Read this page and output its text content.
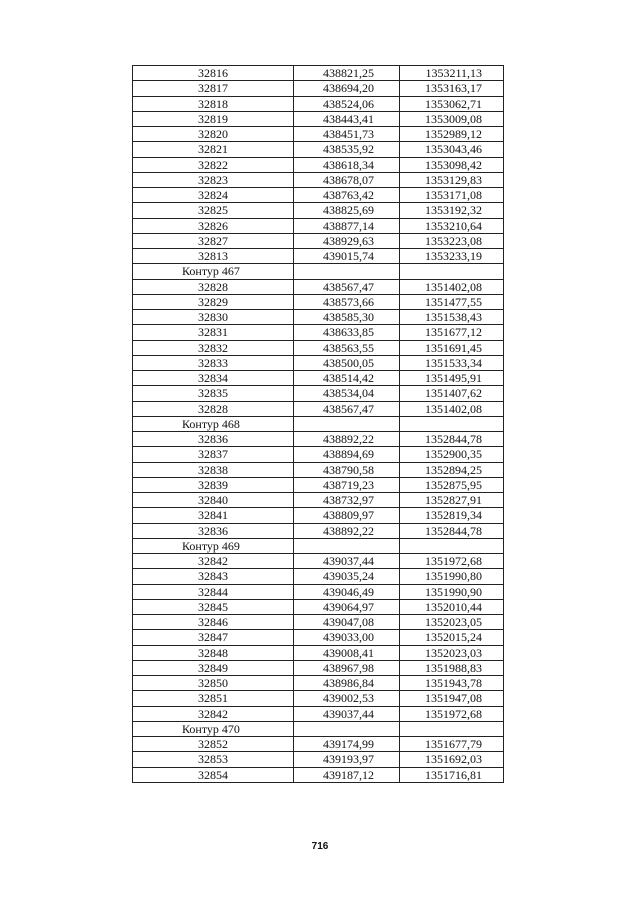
32816	438821,25	1353211,13
32817	438694,20	1353163,17
32818	438524,06	1353062,71
32819	438443,41	1353009,08
32820	438451,73	1352989,12
32821	438535,92	1353043,46
32822	438618,34	1353098,42
32823	438678,07	1353129,83
32824	438763,42	1353171,08
32825	438825,69	1353192,32
32826	438877,14	1353210,64
32827	438929,63	1353223,08
32813	439015,74	1353233,19
Контур 467		
32828	438567,47	1351402,08
32829	438573,66	1351477,55
32830	438585,30	1351538,43
32831	438633,85	1351677,12
32832	438563,55	1351691,45
32833	438500,05	1351533,34
32834	438514,42	1351495,91
32835	438534,04	1351407,62
32828	438567,47	1351402,08
Контур 468		
32836	438892,22	1352844,78
32837	438894,69	1352900,35
32838	438790,58	1352894,25
32839	438719,23	1352875,95
32840	438732,97	1352827,91
32841	438809,97	1352819,34
32836	438892,22	1352844,78
Контур 469		
32842	439037,44	1351972,68
32843	439035,24	1351990,80
32844	439046,49	1351990,90
32845	439064,97	1352010,44
32846	439047,08	1352023,05
32847	439033,00	1352015,24
32848	439008,41	1352023,03
32849	438967,98	1351988,83
32850	438986,84	1351943,78
32851	439002,53	1351947,08
32842	439037,44	1351972,68
Контур 470		
32852	439174,99	1351677,79
32853	439193,97	1351692,03
32854	439187,12	1351716,81
716
